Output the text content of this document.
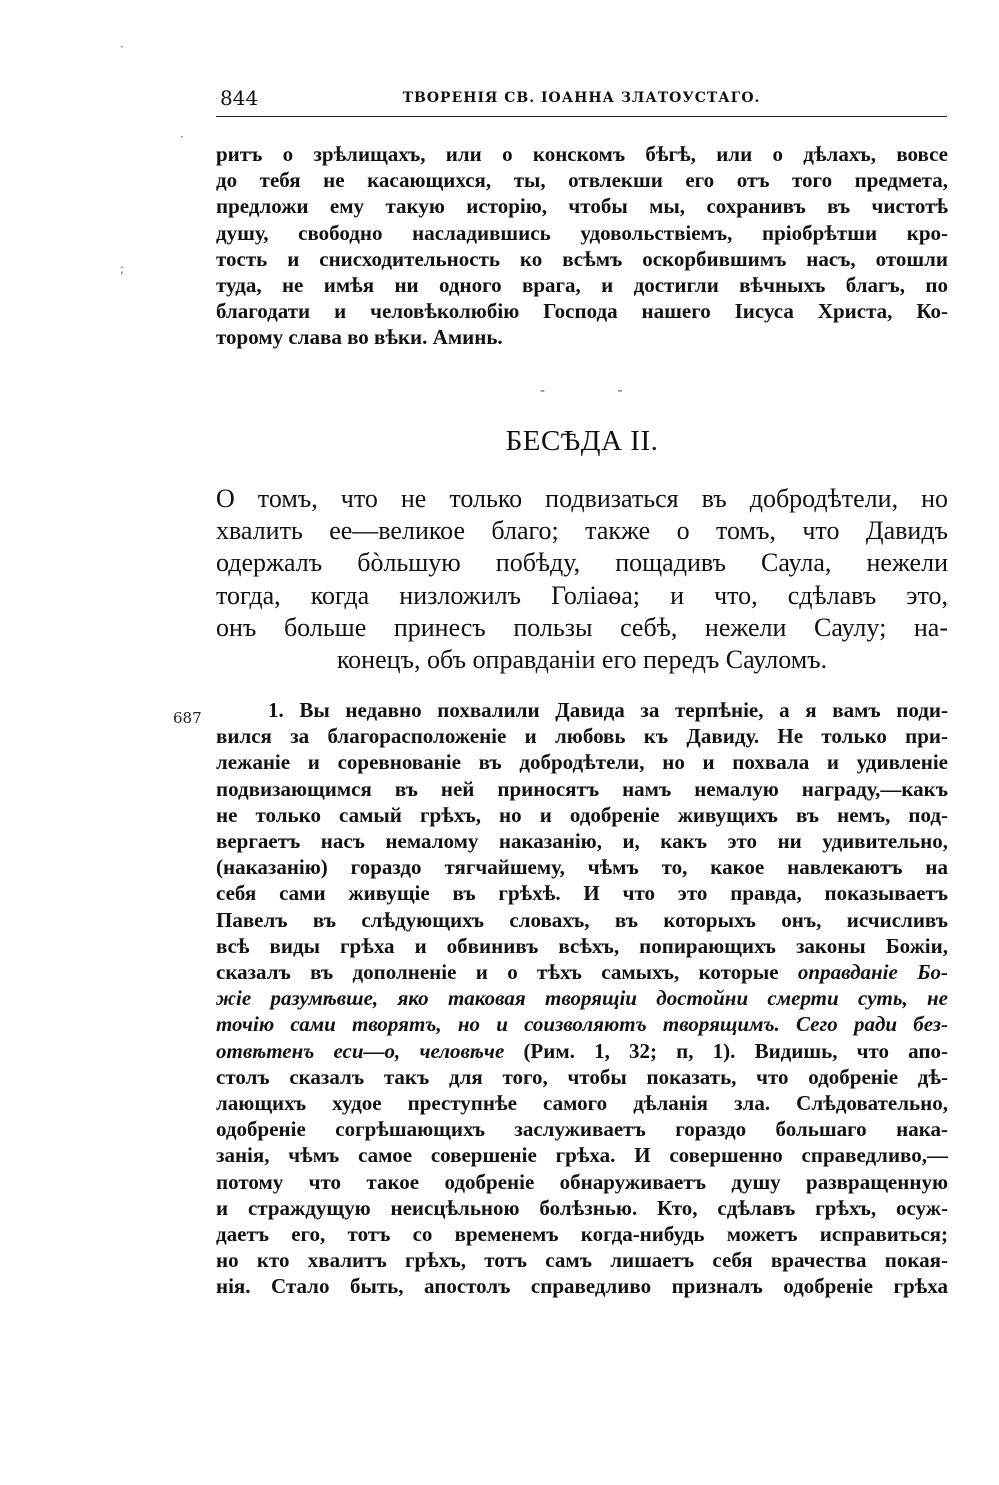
·
;
·
844	ТВОРЕНІЯ СВ. ІОАННА ЗЛАТОУСТАГО.
ритъ о зрѣлищахъ, или о конскомъ бѣгѣ, или о дѣлахъ, вовсе
до тебя не касающихся, ты, отвлекши его отъ того предмета,
предложи ему такую исторію, чтобы мы, сохранивъ въ чистотѣ
душу, свободно насладившись удовольствіемъ, пріобрѣтши кро-
тость и снисходительность ко всѣмъ оскорбившимъ насъ, отошли
туда, не имѣя ни одного врага, и достигли вѣчныхъ благъ, по
благодати и человѣколюбію Господа нашего Іисуса Христа, Ко-
торому слава во вѣки. Аминь.
- -
БЕСѢДА II.
О томъ, что не только подвизаться въ добродѣтели, но
хвалить ее—великое благо; также о томъ, что Давидъ
одержалъ бòльшую побѣду, пощадивъ Саула, нежели
тогда, когда низложилъ Голіаѳа; и что, сдѣлавъ это,
онъ больше принесъ пользы себѣ, нежели Саулу; на-
конецъ, объ оправданіи его передъ Сауломъ.
687	1. Вы недавно похвалили Давида за терпѣніе, а я вамъ поди-
вился за благорасположеніе и любовь къ Давиду. Не только при-
лежаніе и соревнованіе въ добродѣтели, но и похвала и удивленіе
подвизающимся въ ней приносятъ намъ немалую награду,—какъ
не только самый грѣхъ, но и одобреніе живущихъ въ немъ, под-
вергаетъ насъ немалому наказанію, и, какъ это ни удивительно,
(наказанію) гораздо тягчайшему, чѣмъ то, какое навлекаютъ на
себя сами живущіе въ грѣхѣ. И что это правда, показываетъ
Павелъ въ слѣдующихъ словахъ, въ которыхъ онъ, исчисливъ
всѣ виды грѣха и обвинивъ всѣхъ, попирающихъ законы Божіи,
сказалъ въ дополненіе и о тѣхъ самыхъ, которые оправданіе Бо-
жіе разумѣвше, яко таковая творящіи достойни смерти суть, не
точію сами творятъ, но и соизволяютъ творящимъ. Сего ради без-
отвѣтенъ еси—о, человѣче (Рим. 1, 32; п, 1). Видишь, что апо-
столъ сказалъ такъ для того, чтобы показать, что одобреніе дѣ-
лающихъ худое преступнѣе самого дѣланія зла. Слѣдовательно,
одобреніе согрѣшающихъ заслуживаетъ гораздо большаго нака-
занія, чѣмъ самое совершеніе грѣха. И совершенно справедливо,—
потому что такое одобреніе обнаруживаетъ душу развращенную
и страждущую неисцѣльною болѣзнью. Кто, сдѣлавъ грѣхъ, осуж-
даетъ его, тотъ со временемъ когда-нибудь можетъ исправиться;
но кто хвалитъ грѣхъ, тотъ самъ лишаетъ себя врачества покая-
нія. Стало быть, апостолъ справедливо призналъ одобреніе грѣха
